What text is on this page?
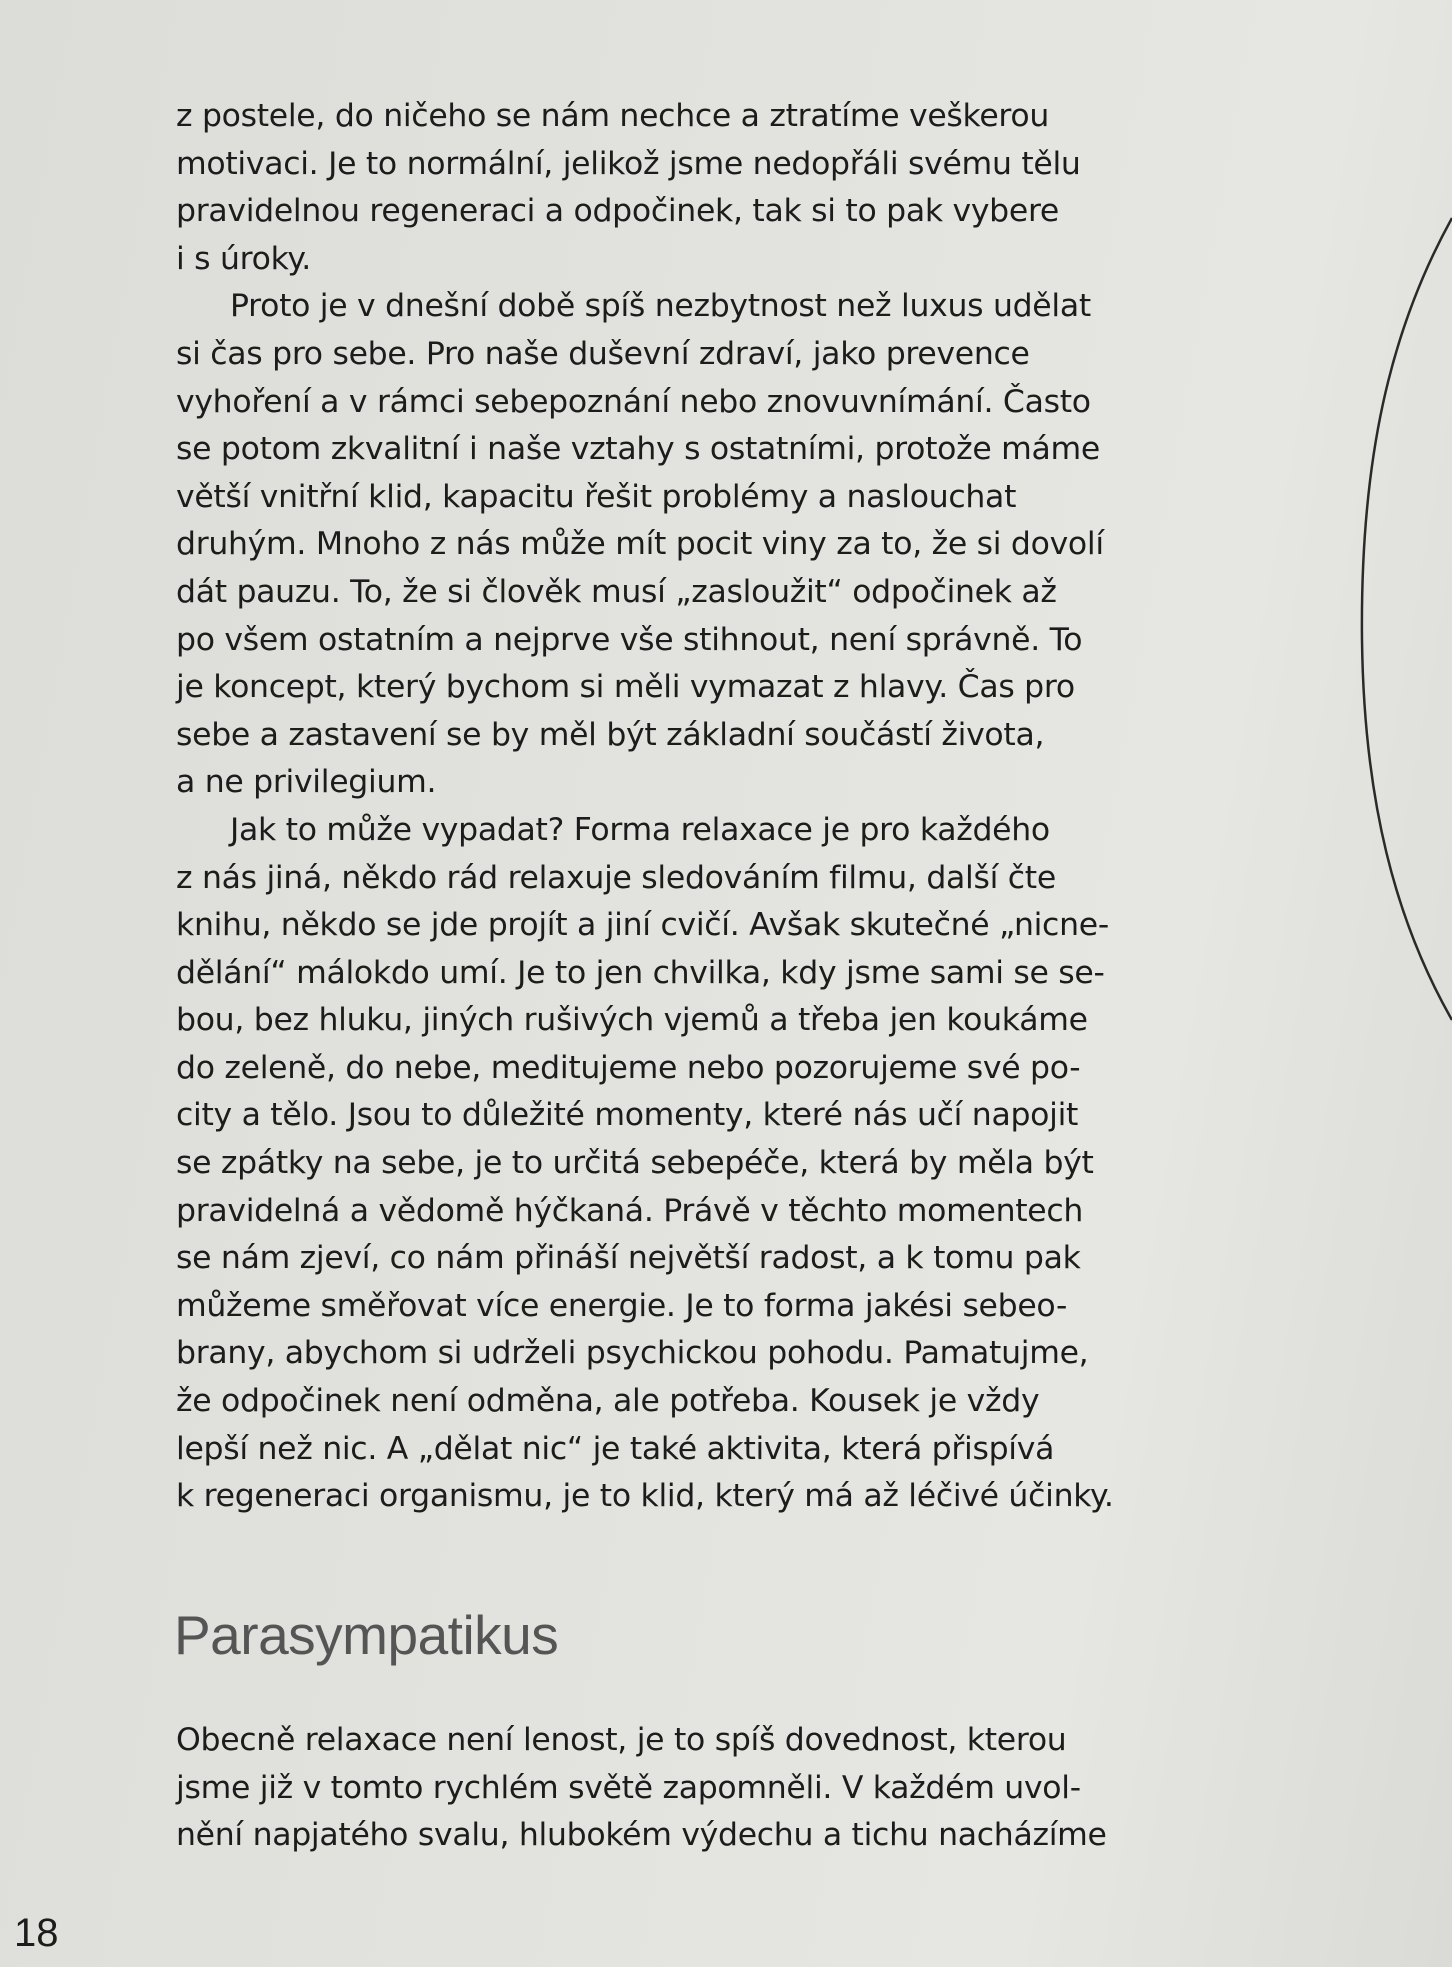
z postele, do ničeho se nám nechce a ztratíme veškerou
motivaci. Je to normální, jelikož jsme nedopřáli svému tělu
pravidelnou regeneraci a odpočinek, tak si to pak vybere
i s úroky.
Proto je v dnešní době spíš nezbytnost než luxus udělat
si čas pro sebe. Pro naše duševní zdraví, jako prevence
vyhoření a v rámci sebepoznání nebo znovuvnímání. Často
se potom zkvalitní i naše vztahy s ostatními, protože máme
větší vnitřní klid, kapacitu řešit problémy a naslouchat
druhým. Mnoho z nás může mít pocit viny za to, že si dovolí
dát pauzu. To, že si člověk musí „zasloužit“ odpočinek až
po všem ostatním a nejprve vše stihnout, není správně. To
je koncept, který bychom si měli vymazat z hlavy. Čas pro
sebe a zastavení se by měl být základní součástí života,
a ne privilegium.
Jak to může vypadat? Forma relaxace je pro každého
z nás jiná, někdo rád relaxuje sledováním filmu, další čte
knihu, někdo se jde projít a jiní cvičí. Avšak skutečné „nicne-
dělání“ málokdo umí. Je to jen chvilka, kdy jsme sami se se-
bou, bez hluku, jiných rušivých vjemů a třeba jen koukáme
do zeleně, do nebe, meditujeme nebo pozorujeme své po-
city a tělo. Jsou to důležité momenty, které nás učí napojit
se zpátky na sebe, je to určitá sebepéče, která by měla být
pravidelná a vědomě hýčkaná. Právě v těchto momentech
se nám zjeví, co nám přináší největší radost, a k tomu pak
můžeme směřovat více energie. Je to forma jakési sebeo-
brany, abychom si udrželi psychickou pohodu. Pamatujme,
že odpočinek není odměna, ale potřeba. Kousek je vždy
lepší než nic. A „dělat nic“ je také aktivita, která přispívá
k regeneraci organismu, je to klid, který má až léčivé účinky.
Parasympatikus
Obecně relaxace není lenost, je to spíš dovednost, kterou
jsme již v tomto rychlém světě zapomněli. V každém uvol-
nění napjatého svalu, hlubokém výdechu a tichu nacházíme
18
